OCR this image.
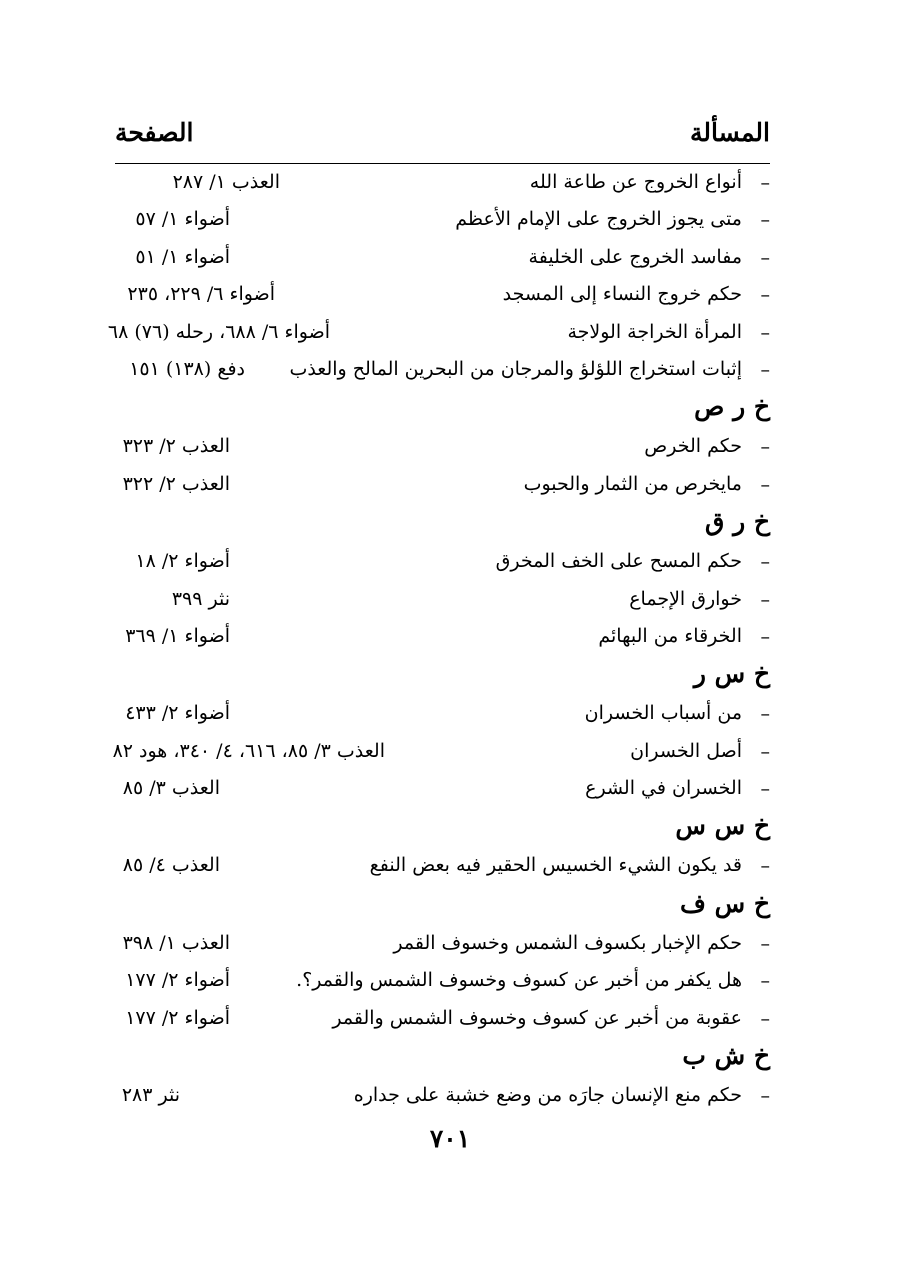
المسألة
الصفحة
–
أنواع الخروج عن طاعة الله
العذب ١/ ٢٨٧
–
متى يجوز الخروج على الإمام الأعظم
أضواء ١/ ٥٧
–
مفاسد الخروج على الخليفة
أضواء ١/ ٥١
–
حكم خروج النساء إلى المسجد
أضواء ٦/ ٢٢٩، ٢٣٥
–
المرأة الخراجة الولاجة
أضواء ٦/ ٦٨٨، رحله (٧٦) ٦٨
–
إثبات استخراج اللؤلؤ والمرجان من البحرين المالح والعذب
دفع (١٣٨) ١٥١
خ ر ص
–
حكم الخرص
العذب ٢/ ٣٢٣
–
مايخرص من الثمار والحبوب
العذب ٢/ ٣٢٢
خ ر ق
–
حكم المسح على الخف المخرق
أضواء ٢/ ١٨
–
خوارق الإجماع
نثر ٣٩٩
–
الخرقاء من البهائم
أضواء ١/ ٣٦٩
خ س ر
–
من أسباب الخسران
أضواء ٢/ ٤٣٣
–
أصل الخسران
العذب ٣/ ٨٥، ٦١٦، ٤/ ٣٤٠، هود ٨٢
–
الخسران في الشرع
العذب ٣/ ٨٥
خ س س
–
قد يكون الشيء الخسيس الحقير فيه بعض النفع
العذب ٤/ ٨٥
خ س ف
–
حكم الإخبار بكسوف الشمس وخسوف القمر
العذب ١/ ٣٩٨
–
هل يكفر من أخبر عن كسوف وخسوف الشمس والقمر؟.
أضواء ٢/ ١٧٧
–
عقوبة من أخبر عن كسوف وخسوف الشمس والقمر
أضواء ٢/ ١٧٧
خ ش ب
–
حكم منع الإنسان جارَه من وضع خشبة على جداره
نثر ٢٨٣
٧٠١
